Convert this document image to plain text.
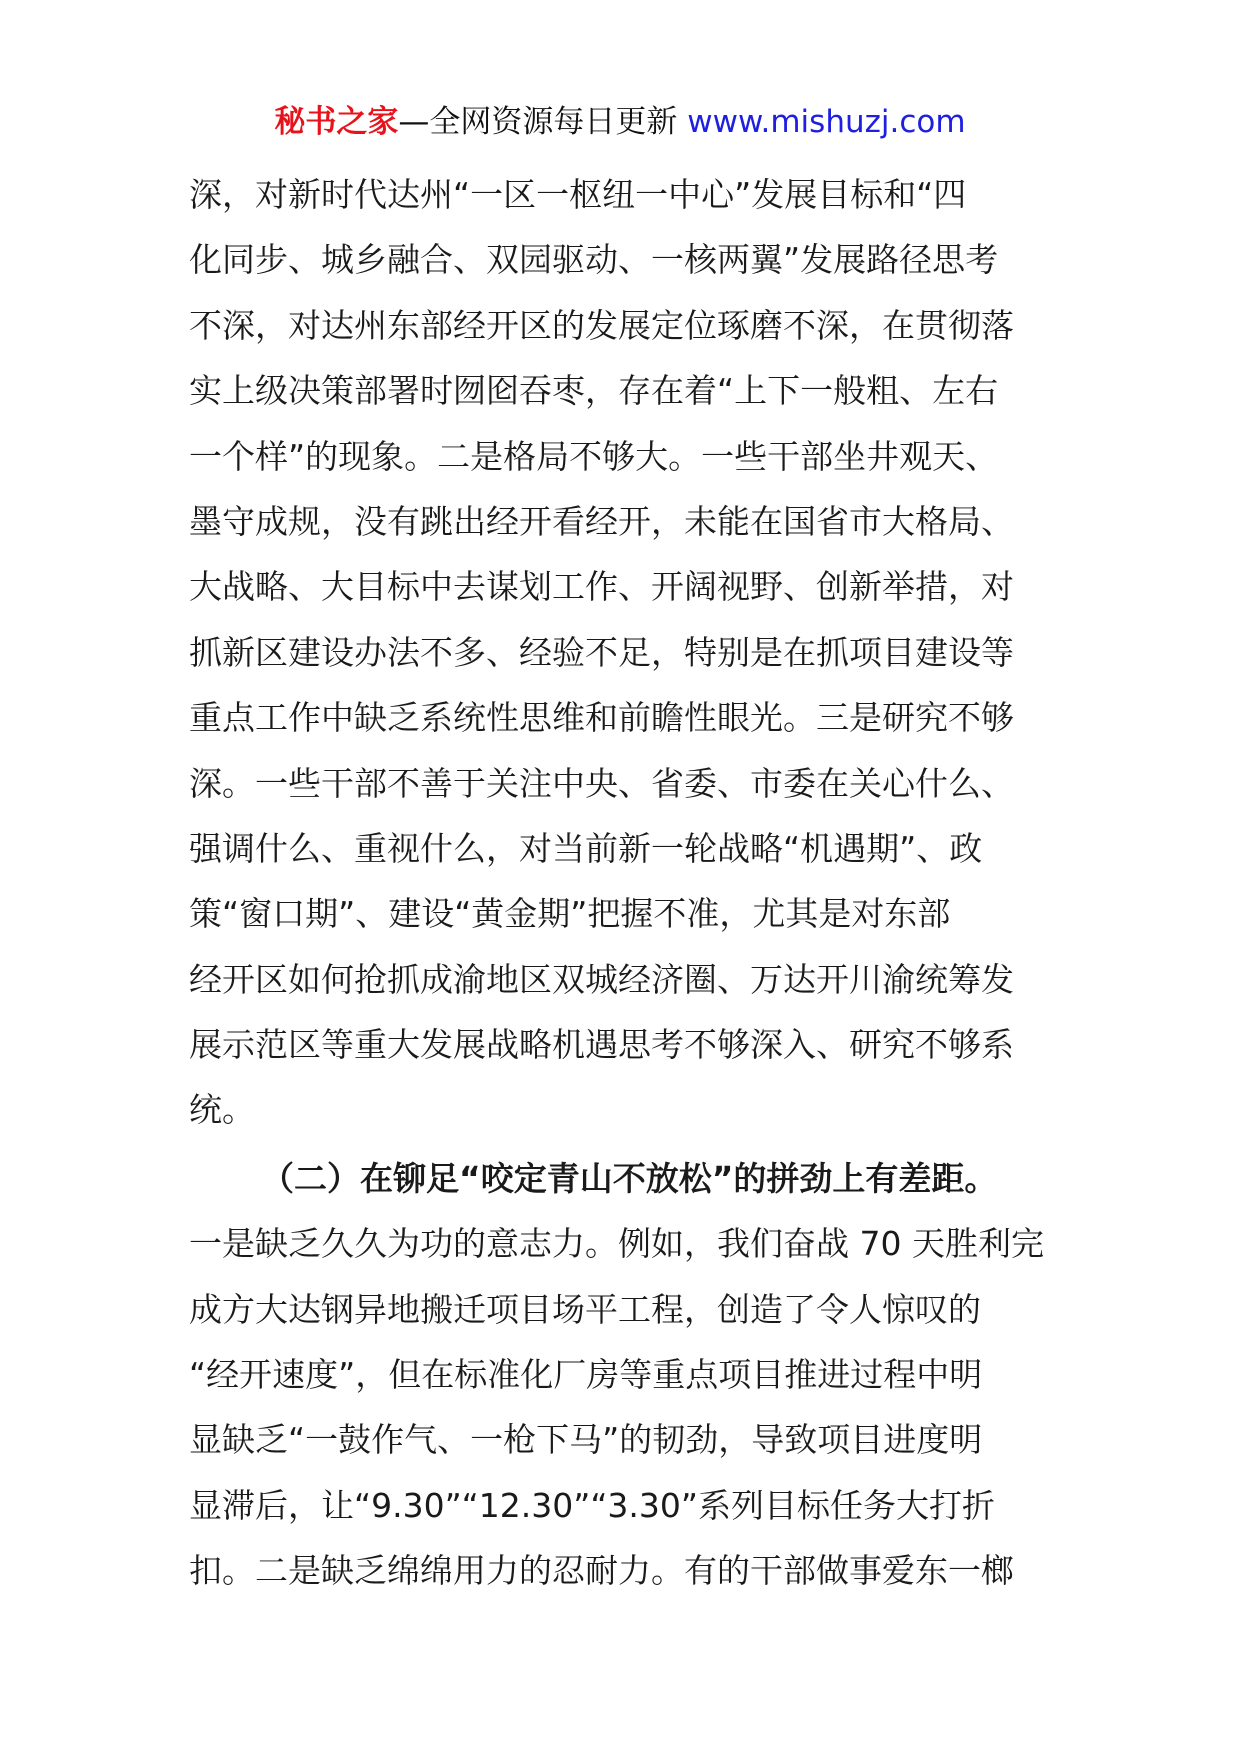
秘书之家—全网资源每日更新 www.mishuzj.com
深，对新时代达州“一区一枢纽一中心”发展目标和“四
化同步、城乡融合、双园驱动、一核两翼”发展路径思考
不深，对达州东部经开区的发展定位琢磨不深，在贯彻落
实上级决策部署时囫囵吞枣，存在着“上下一般粗、左右
一个样”的现象。二是格局不够大。一些干部坐井观天、
墨守成规，没有跳出经开看经开，未能在国省市大格局、
大战略、大目标中去谋划工作、开阔视野、创新举措，对
抓新区建设办法不多、经验不足，特别是在抓项目建设等
重点工作中缺乏系统性思维和前瞻性眼光。三是研究不够
深。一些干部不善于关注中央、省委、市委在关心什么、
强调什么、重视什么，对当前新一轮战略“机遇期”、政
策“窗口期”、建设“黄金期”把握不准，尤其是对东部
经开区如何抢抓成渝地区双城经济圈、万达开川渝统筹发
展示范区等重大发展战略机遇思考不够深入、研究不够系
统。
（二）在铆足“咬定青山不放松”的拼劲上有差距。
一是缺乏久久为功的意志力。例如，我们奋战 70 天胜利完
成方大达钢异地搬迁项目场平工程，创造了令人惊叹的
“经开速度”，但在标准化厂房等重点项目推进过程中明
显缺乏“一鼓作气、一枪下马”的韧劲，导致项目进度明
显滞后，让“9.30”“12.30”“3.30”系列目标任务大打折
扣。二是缺乏绵绵用力的忍耐力。有的干部做事爱东一榔
